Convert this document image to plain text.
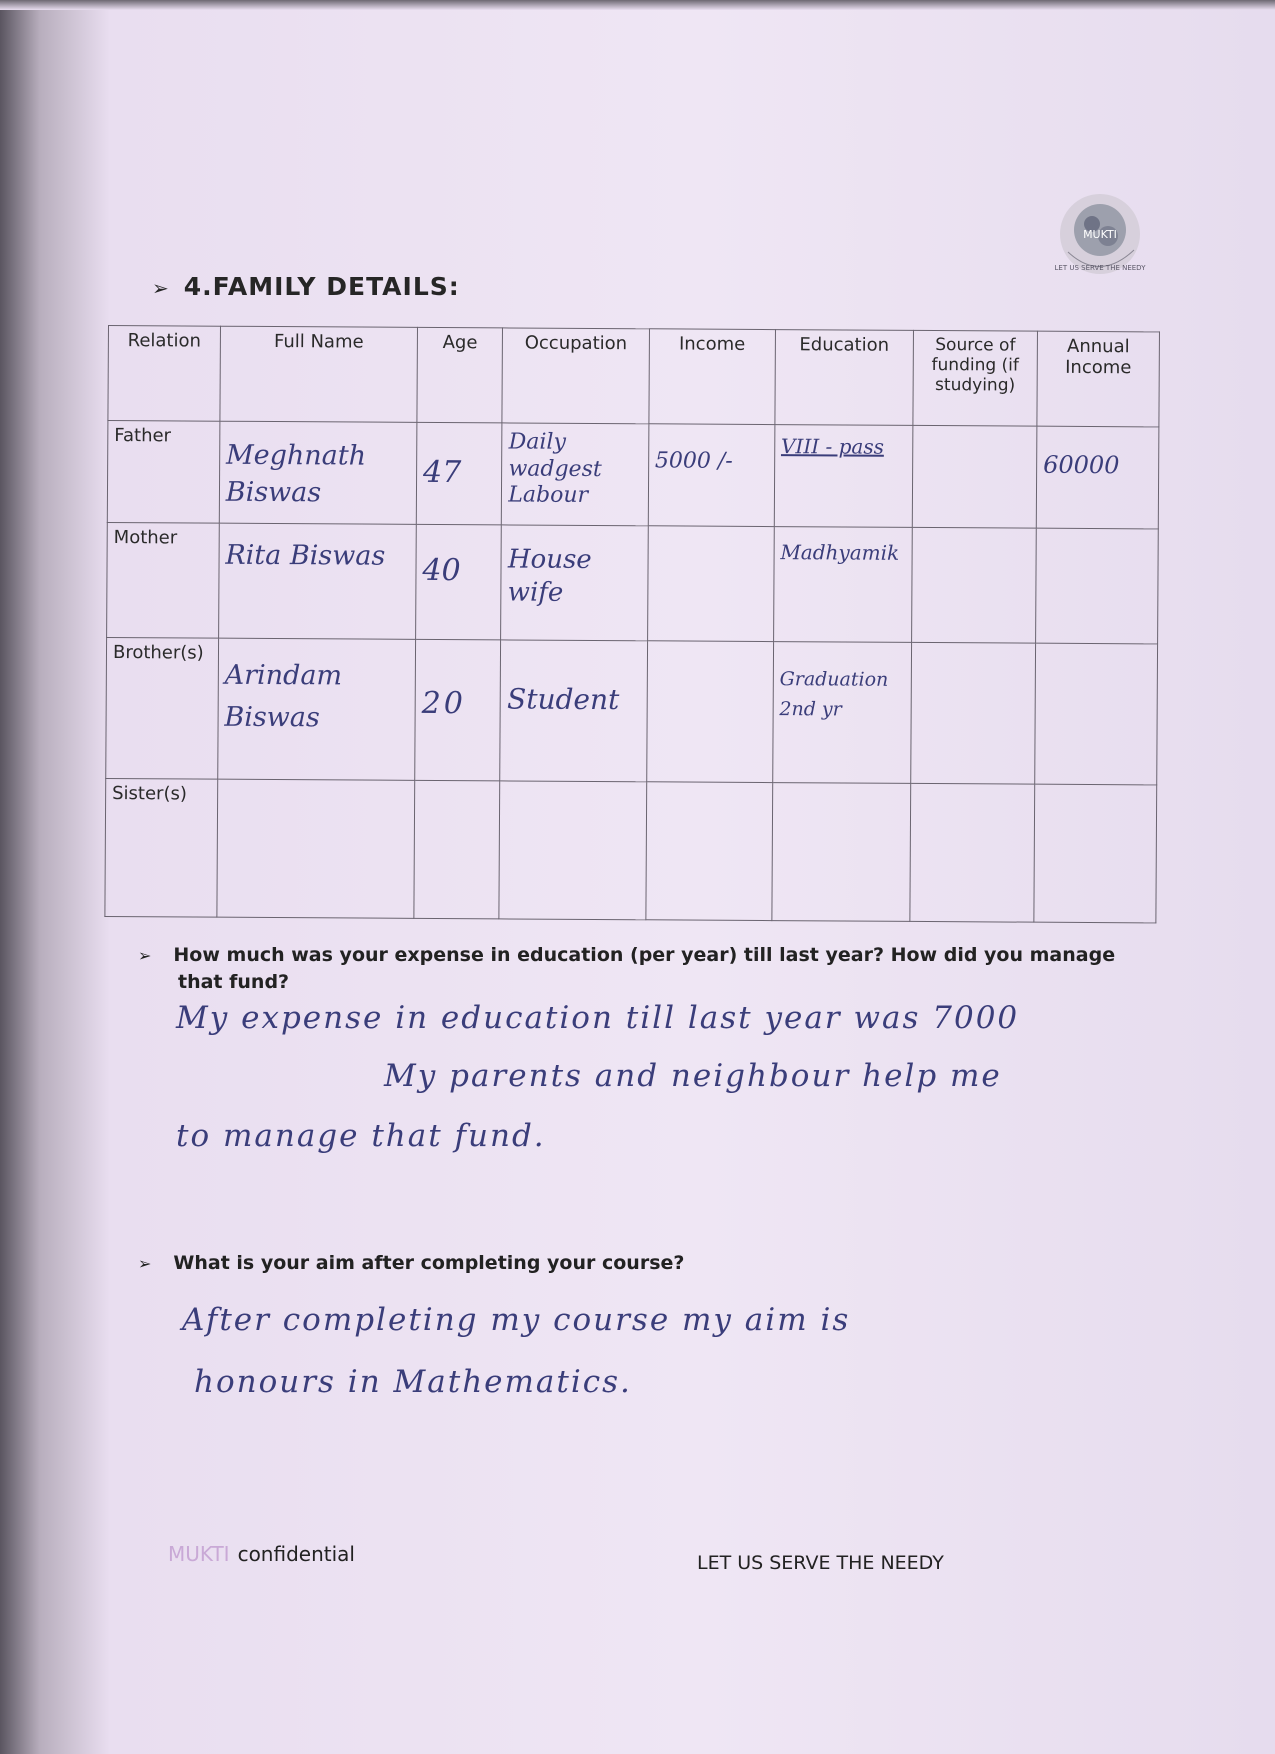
MUKTI
LET US SERVE THE NEEDY
➢ 4.FAMILY DETAILS:
Relation	Full Name	Age	Occupation	Income	Education	Source of funding (if studying)	Annual Income
Father	Meghnath Biswas	47	Daily wadgest Labour	5000 /-	VIII - pass		60000

Mother	Rita Biswas	40	House wife		Madhyamik		

Brother(s)	Arindam Biswas	20	Student		Graduation 2nd yr		

Sister(s)							
➢ How much was your expense in education (per year) till last year? How did you manage
that fund?
My expense in education till last year was 7000
My parents and neighbour help me
to manage that fund.
➢ What is your aim after completing your course?
After completing my course my aim is
honours in Mathematics.
MUKTI confidential	LET US SERVE THE NEEDY
